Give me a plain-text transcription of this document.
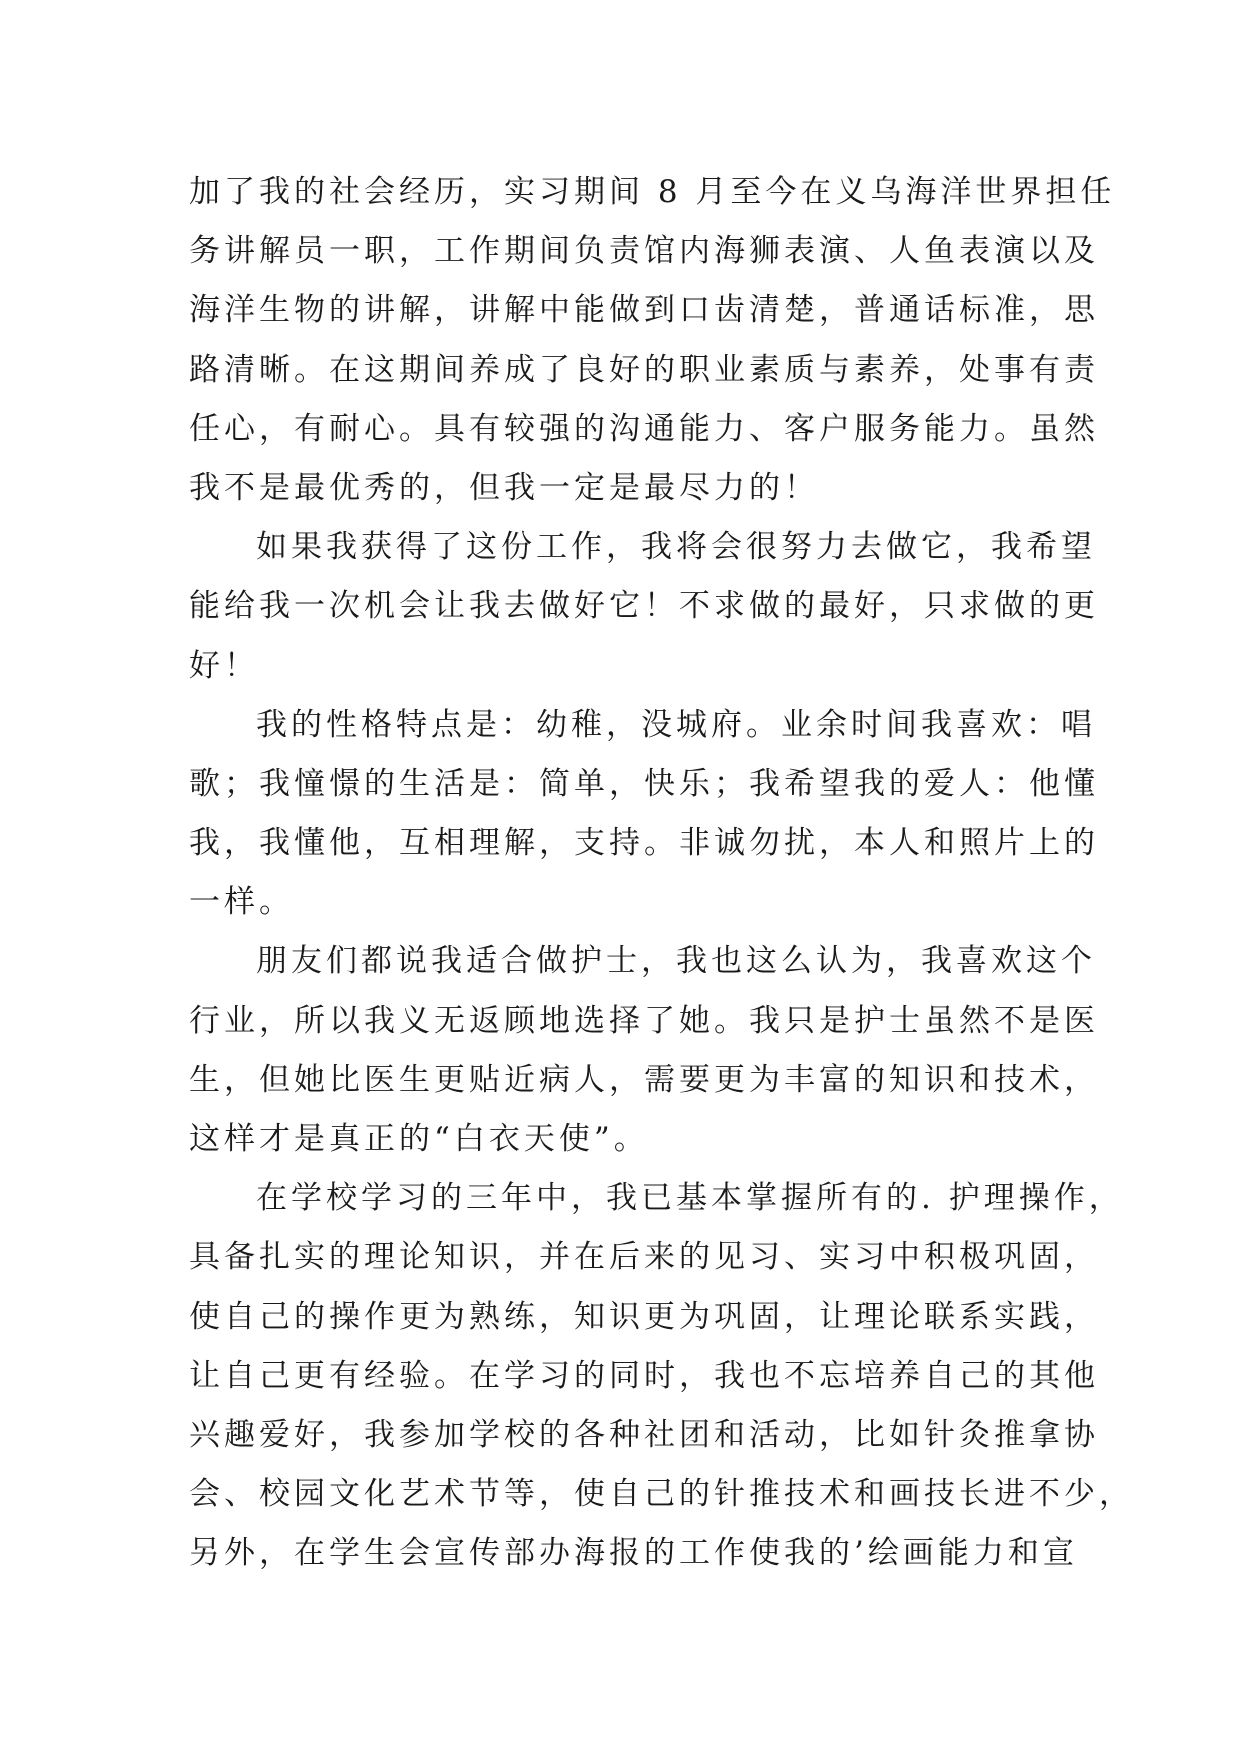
加了我的社会经历，实习期间 8 月至今在义乌海洋世界担任
务讲解员一职，工作期间负责馆内海狮表演、人鱼表演以及
海洋生物的讲解，讲解中能做到口齿清楚，普通话标准，思
路清晰。在这期间养成了良好的职业素质与素养，处事有责
任心，有耐心。具有较强的沟通能力、客户服务能力。虽然
我不是最优秀的，但我一定是最尽力的！
如果我获得了这份工作，我将会很努力去做它，我希望
能给我一次机会让我去做好它！不求做的最好，只求做的更
好！
我的性格特点是：幼稚，没城府。业余时间我喜欢：唱
歌；我憧憬的生活是：简单，快乐；我希望我的爱人：他懂
我，我懂他，互相理解，支持。非诚勿扰，本人和照片上的
一样。
朋友们都说我适合做护士，我也这么认为，我喜欢这个
行业，所以我义无返顾地选择了她。我只是护士虽然不是医
生，但她比医生更贴近病人，需要更为丰富的知识和技术，
这样才是真正的“白衣天使”。
在学校学习的三年中，我已基本掌握所有的. 护理操作，
具备扎实的理论知识，并在后来的见习、实习中积极巩固，
使自己的操作更为熟练，知识更为巩固，让理论联系实践，
让自己更有经验。在学习的同时，我也不忘培养自己的其他
兴趣爱好，我参加学校的各种社团和活动，比如针灸推拿协
会、校园文化艺术节等，使自己的针推技术和画技长进不少，
另外，在学生会宣传部办海报的工作使我的’绘画能力和宣
